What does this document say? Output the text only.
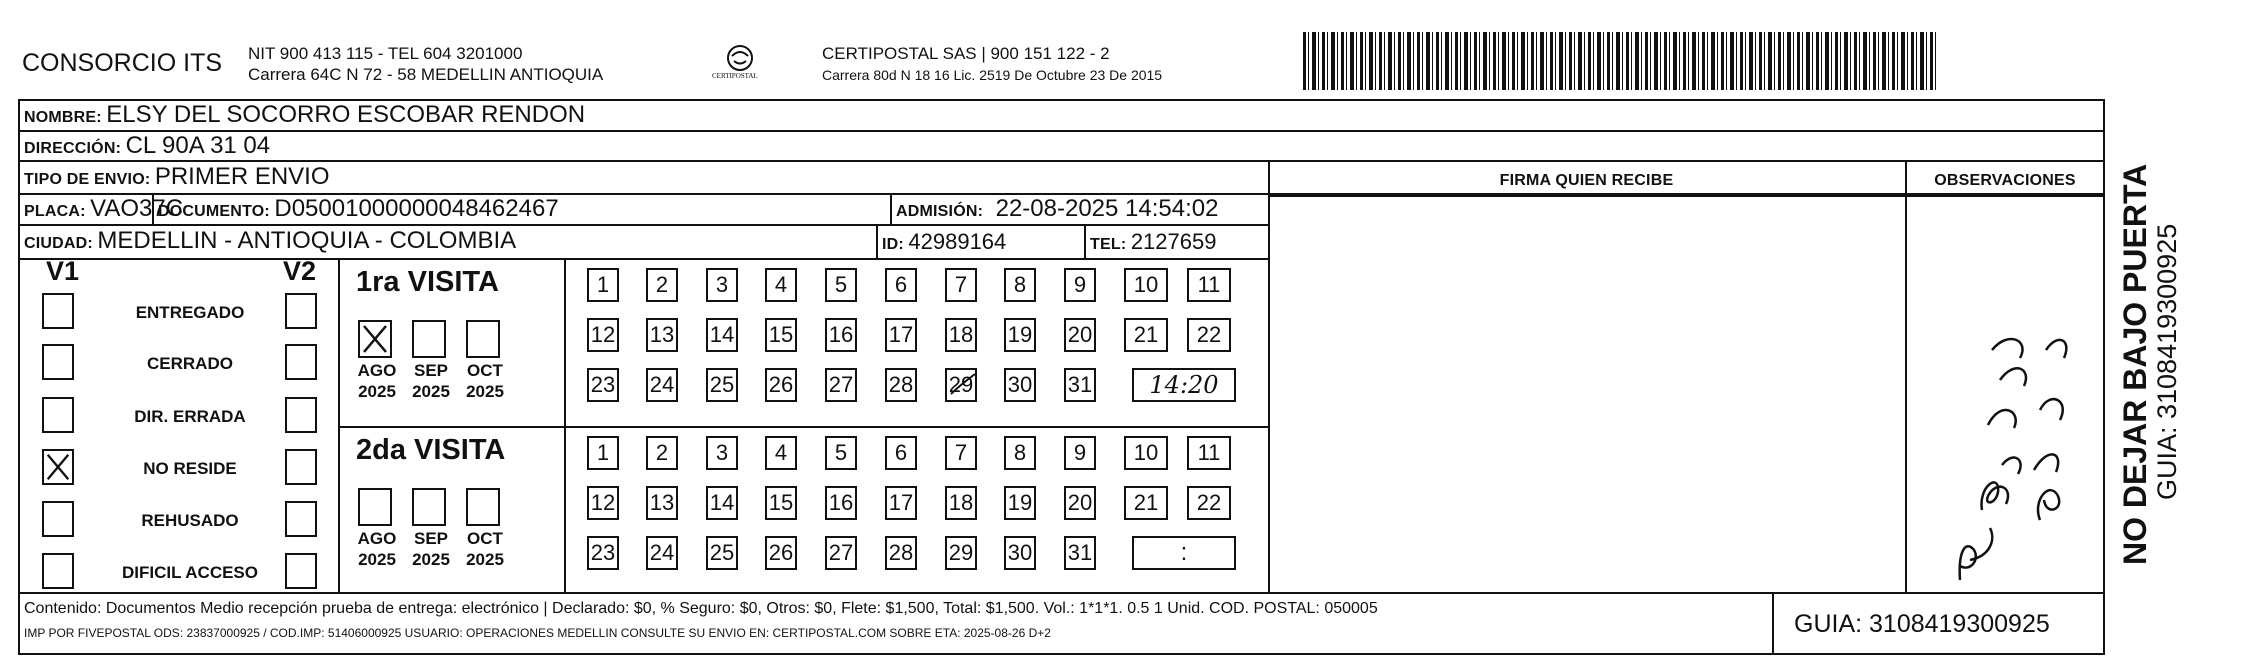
CONSORCIO ITS NIT 900 413 115 - TEL 604 3201000
Carrera 64C N 72 - 58 MEDELLIN ANTIOQUIA	CERTIPOSTAL
CERTIPOSTAL SAS | 900 151 122 - 2
Carrera 80d N 18 16 Lic. 2519 De Octubre 23 De 2015
NOMBRE: ELSY DEL SOCORRO ESCOBAR RENDON
DIRECCIÓN: CL 90A 31 04
TIPO DE ENVIO: PRIMER ENVIO	FIRMA QUIEN RECIBE	OBSERVACIONES
PLACA: VAO37C
DOCUMENTO: D05001000000048462467	ADMISIÓN: 22-08-2025 14:54:02
CIUDAD: MEDELLIN - ANTIOQUIA - COLOMBIA	ID: 42989164	TEL: 2127659
V1	V2
ENTREGADO
CERRADO
DIR. ERRADA
NO RESIDE
REHUSADO
DIFICIL ACCESO
1ra VISITA
AGO
2025
SEP
2025
OCT
2025
1	2	3	4	5	6	7	8	9	10	11
12 13 14 15 16 17 18 19 20	21	22
23 24 25 26 27 28 29 30 31	14:20
2da VISITA
AGO
2025
SEP
2025
OCT
2025
1	2	3	4	5	6	7	8	9	10	11
12 13 14 15 16 17 18 19 20	21	22
23 24 25 26 27 28 29 30 31	:
Contenido: Documentos Medio recepción prueba de entrega: electrónico | Declarado: $0, % Seguro: $0, Otros: $0, Flete: $1,500, Total: $1,500. Vol.: 1*1*1. 0.5 1 Unid. COD. POSTAL: 050005
IMP POR FIVEPOSTAL ODS: 23837000925 / COD.IMP: 51406000925 USUARIO: OPERACIONES MEDELLIN CONSULTE SU ENVIO EN: CERTIPOSTAL.COM SOBRE ETA: 2025-08-26 D+2	GUIA: 3108419300925
NO DEJAR BAJO PUERTA GUIA: 3108419300925
